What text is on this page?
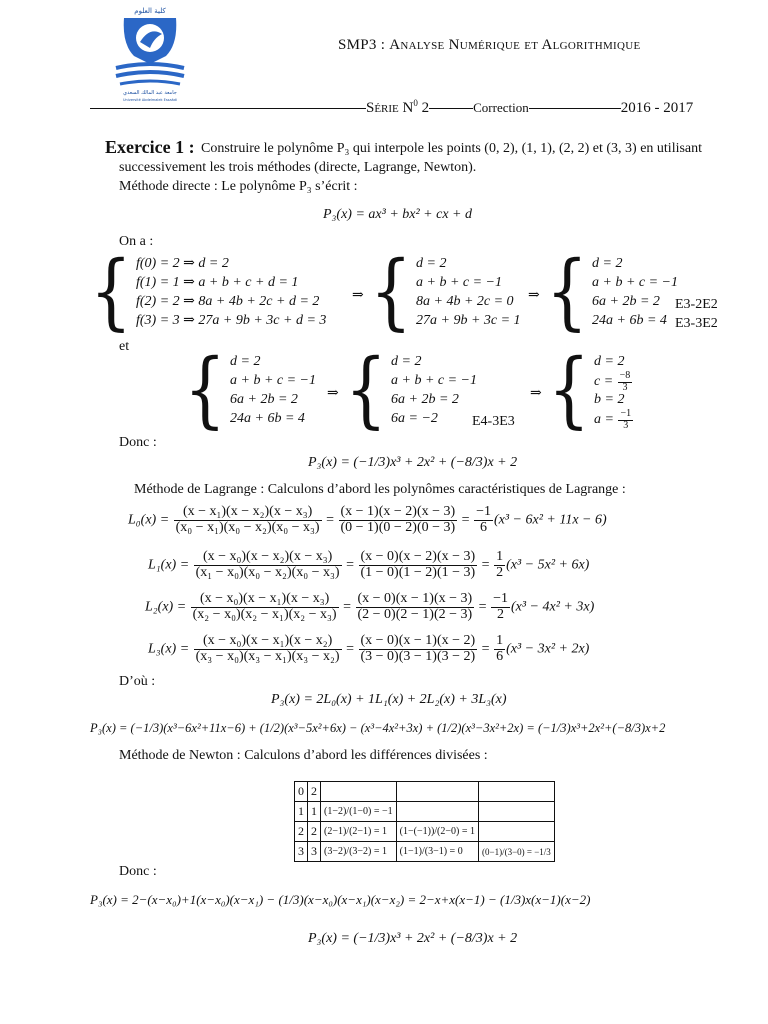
كلية العلوم
جامعة عبد المالك السعدي
Université Abdelmalek Essaâdi
SMP3 : Analyse Numérique et Algorithmique
Série $N^0$ 2	Correction	2016 - 2017
Exercice 1 : Construire le polynôme P₃ qui interpole les points (0, 2), (1, 1), (2, 2) et (3, 3) en utilisant
successivement les trois méthodes (directe, Lagrange, Newton).
Méthode directe : Le polynôme P₃ s’écrit :
P₃(x) = ax³ + bx² + cx + d
On a :
{ f(0) = 2 ⇒ d = 2
f(1) = 1 ⇒ a + b + c + d = 1
f(2) = 2 ⇒ 8a + 4b + 2c + d = 2
f(3) = 3 ⇒ 27a + 9b + 3c + d = 3
⇒ { d = 2
a + b + c = −1
8a + 4b + 2c = 0
27a + 9b + 3c = 1
⇒ { d = 2
a + b + c = −1
6a + 2b = 2
24a + 6b = 4
E3-2E2
E3-3E2
et { d = 2
a + b + c = −1
6a + 2b = 2
24a + 6b = 4
⇒ { d = 2
a + b + c = −1
6a + 2b = 2
6a = −2	E4-3E3
⇒ { d = 2
$c = \frac{-8}{3}$
b = 2
$a = \frac{-1}{3}$
Donc :
P₃(x) = (−1/3)x³ + 2x² + (−8/3)x + 2
Méthode de Lagrange : Calculons d’abord les polynômes caractéristiques de Lagrange :
$L_0(x) = \frac{\text{(x − x₁)(x − x₂)(x − x₃)}}{\text{(x₀ − x₁)(x₀ − x₂)(x₀ − x₃)}} = \frac{(x - 1)(x - 2)(x - 3)}{(0 - 1)(0 - 2)(0 - 3)} = \frac{-1}{6} (x^3 - 6x^2 + 11x - 6)$
$L_1(x) = \frac{\text{(x − x₀)(x − x₂)(x − x₃)}}{\text{(x₁ − x₀)(x₀ − x₂)(x₀ − x₃)}} = \frac{(x - 0)(x - 2)(x - 3)}{(1 - 0)(1 - 2)(1 - 3)} = \frac{1}{2} (x^3 - 5x^2 + 6x)$
$L_2(x) = \frac{\text{(x − x₀)(x − x₁)(x − x₃)}}{\text{(x₂ − x₀)(x₂ − x₁)(x₂ − x₃)}} = \frac{(x - 0)(x - 1)(x - 3)}{(2 - 0)(2 - 1)(2 - 3)} = \frac{-1}{2} (x^3 - 4x^2 + 3x)$
$L_3(x) = \frac{\text{(x − x₀)(x − x₁)(x − x₂)}}{\text{(x₃ − x₀)(x₃ − x₁)(x₃ − x₂)}} = \frac{(x - 0)(x - 1)(x - 2)}{(3 - 0)(3 - 1)(3 - 2)} = \frac{1}{6} (x^3 - 3x^2 + 2x)$
D’où :
P₃(x) = 2L₀(x) + 1L₁(x) + 2L₂(x) + 3L₃(x)
P₃(x) = (−1/3)(x³−6x²+11x−6) + (1/2)(x³−5x²+6x) − (x³−4x²+3x) + (1/2)(x³−3x²+2x) = (−1/3)x³+2x²+(−8/3)x+2
Méthode de Newton : Calculons d’abord les différences divisées :
0	2			
1	1	(1−2)/(1−0) = −1		
2	2	(2−1)/(2−1) = 1	(1−(−1))/(2−0) = 1	
3	3	(3−2)/(3−2) = 1	(1−1)/(3−1) = 0	(0−1)/(3−0) = −1/3
Donc :
P₃(x) = 2−(x−x₀)+1(x−x₀)(x−x₁) − (1/3)(x−x₀)(x−x₁)(x−x₂) = 2−x+x(x−1) − (1/3)x(x−1)(x−2)
P₃(x) = (−1/3)x³ + 2x² + (−8/3)x + 2
